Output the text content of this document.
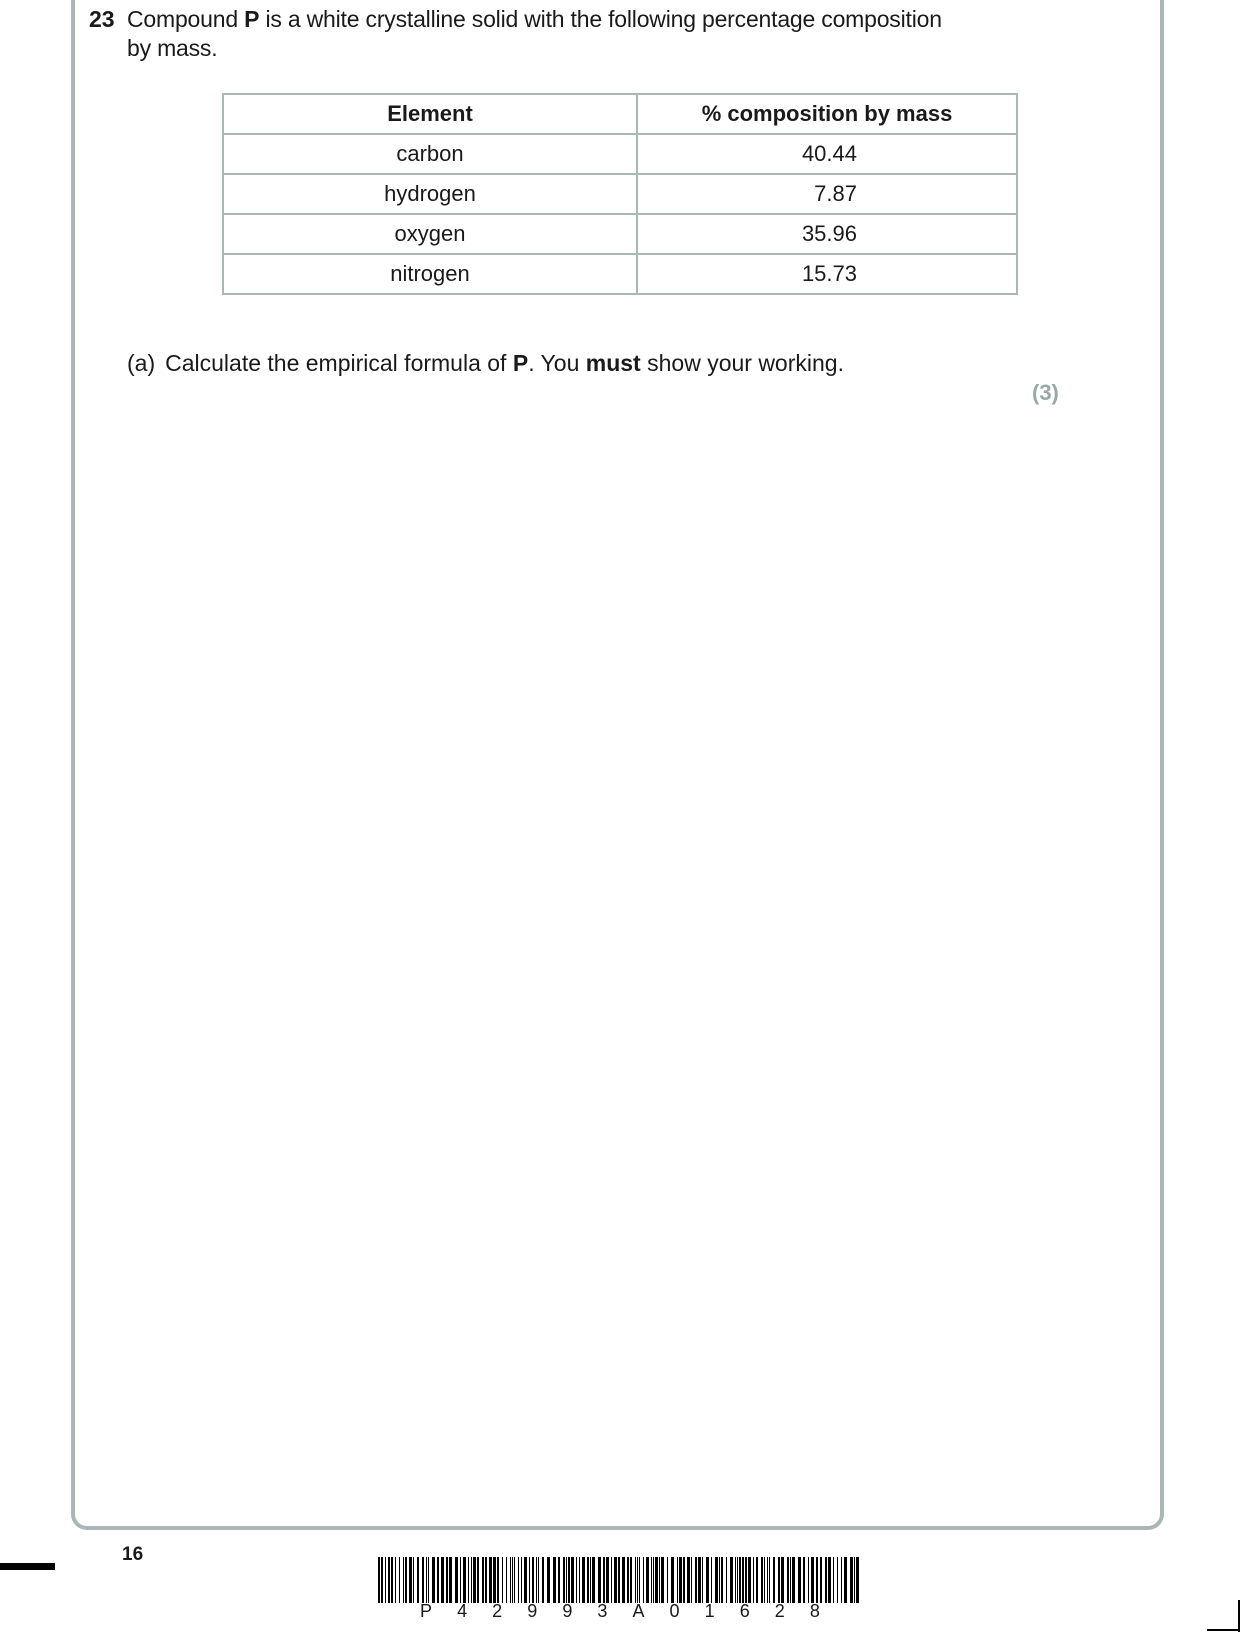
23 Compound P is a white crystalline solid with the following percentage composition
by mass.
Element	% composition by mass
carbon	40.44
hydrogen	7.87
oxygen	35.96
nitrogen	15.73
(a) Calculate the empirical formula of P. You must show your working.
(3)
16
P 4 2 9 9 3 A 0 1 6 2 8
